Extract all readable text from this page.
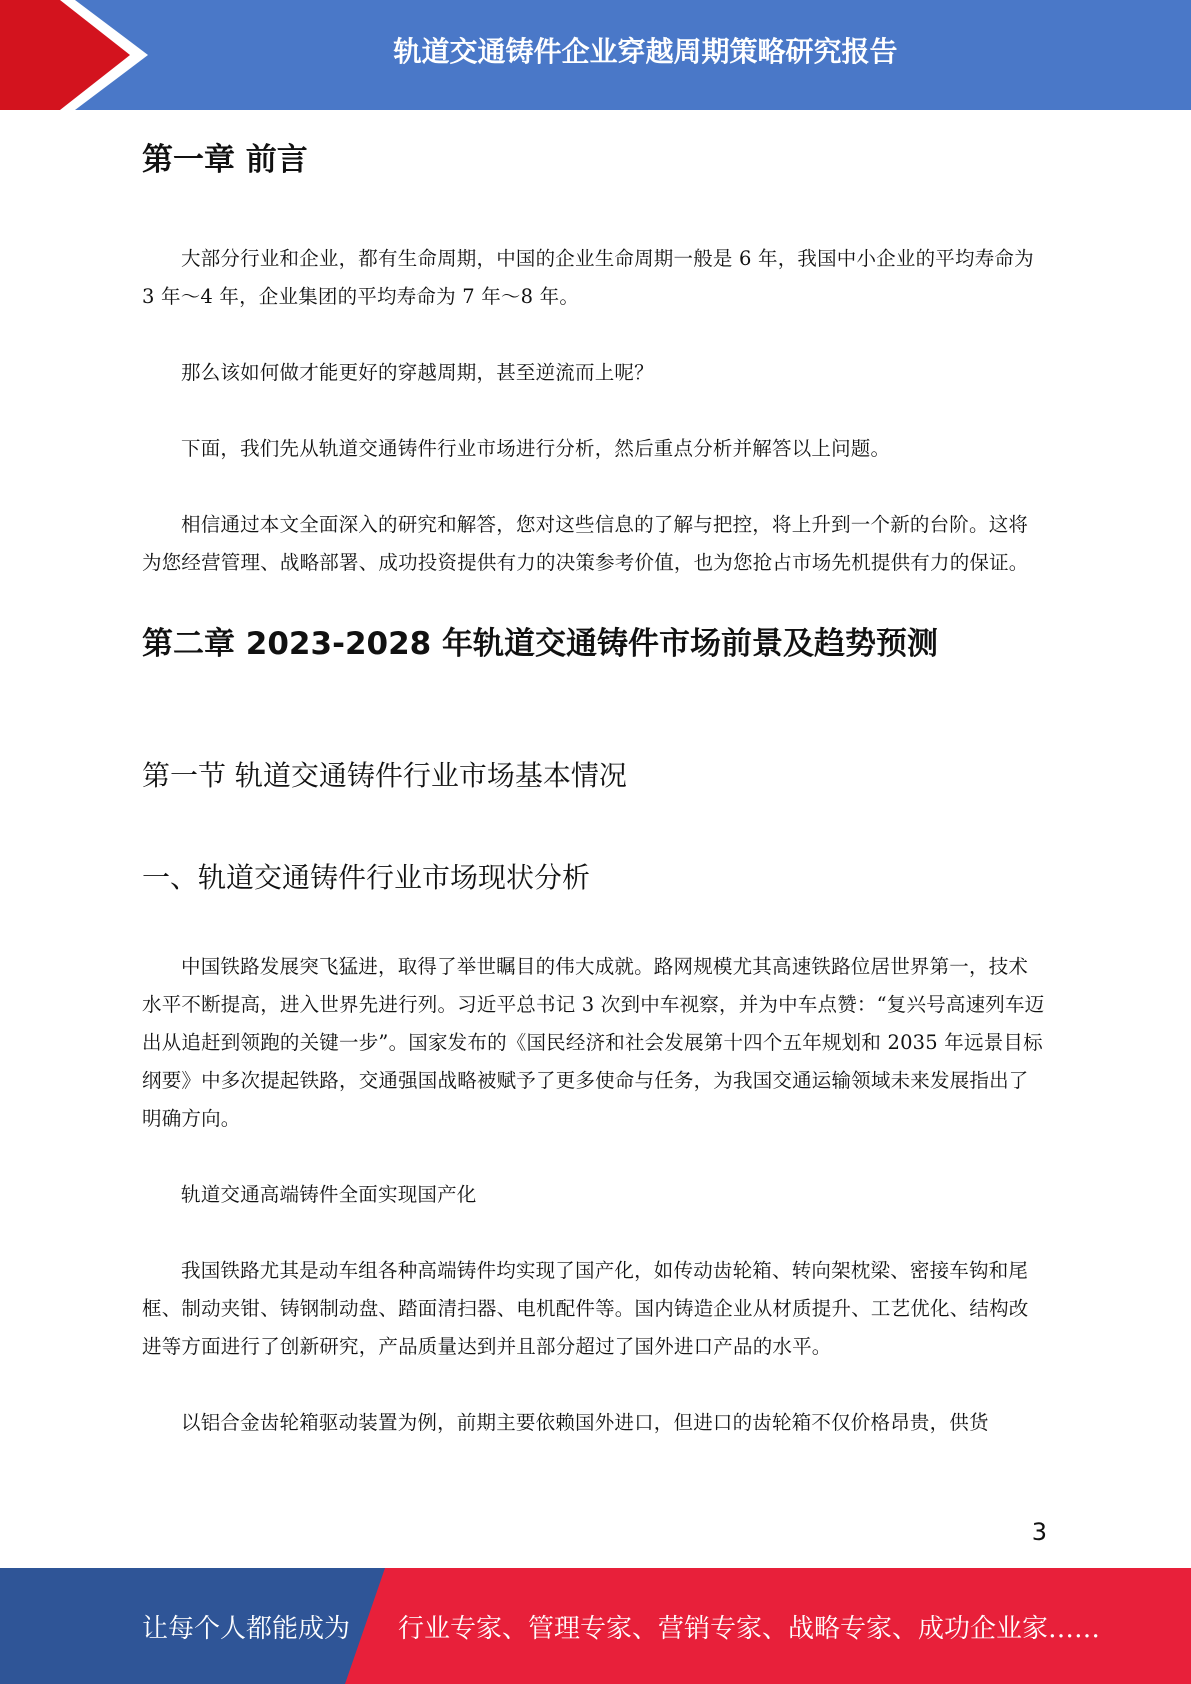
轨道交通铸件企业穿越周期策略研究报告
第一章 前言

大部分行业和企业，都有生命周期，中国的企业生命周期一般是 6 年，我国中小企业的平均寿命为 3 年～4 年，企业集团的平均寿命为 7 年～8 年。

那么该如何做才能更好的穿越周期，甚至逆流而上呢？

下面，我们先从轨道交通铸件行业市场进行分析，然后重点分析并解答以上问题。

相信通过本文全面深入的研究和解答，您对这些信息的了解与把控，将上升到一个新的台阶。这将为您经营管理、战略部署、成功投资提供有力的决策参考价值，也为您抢占市场先机提供有力的保证。

第二章 2023-2028 年轨道交通铸件市场前景及趋势预测
第一节 轨道交通铸件行业市场基本情况
一、轨道交通铸件行业市场现状分析

中国铁路发展突飞猛进，取得了举世瞩目的伟大成就。路网规模尤其高速铁路位居世界第一，技术水平不断提高，进入世界先进行列。习近平总书记 3 次到中车视察，并为中车点赞：“复兴号高速列车迈出从追赶到领跑的关键一步”。国家发布的《国民经济和社会发展第十四个五年规划和 2035 年远景目标纲要》中多次提起铁路，交通强国战略被赋予了更多使命与任务，为我国交通运输领域未来发展指出了明确方向。

轨道交通高端铸件全面实现国产化

我国铁路尤其是动车组各种高端铸件均实现了国产化，如传动齿轮箱、转向架枕梁、密接车钩和尾框、制动夹钳、铸钢制动盘、踏面清扫器、电机配件等。国内铸造企业从材质提升、工艺优化、结构改进等方面进行了创新研究，产品质量达到并且部分超过了国外进口产品的水平。

以铝合金齿轮箱驱动装置为例，前期主要依赖国外进口，但进口的齿轮箱不仅价格昂贵，供货

3
让每个人都能成为 行业专家、管理专家、营销专家、战略专家、成功企业家……
